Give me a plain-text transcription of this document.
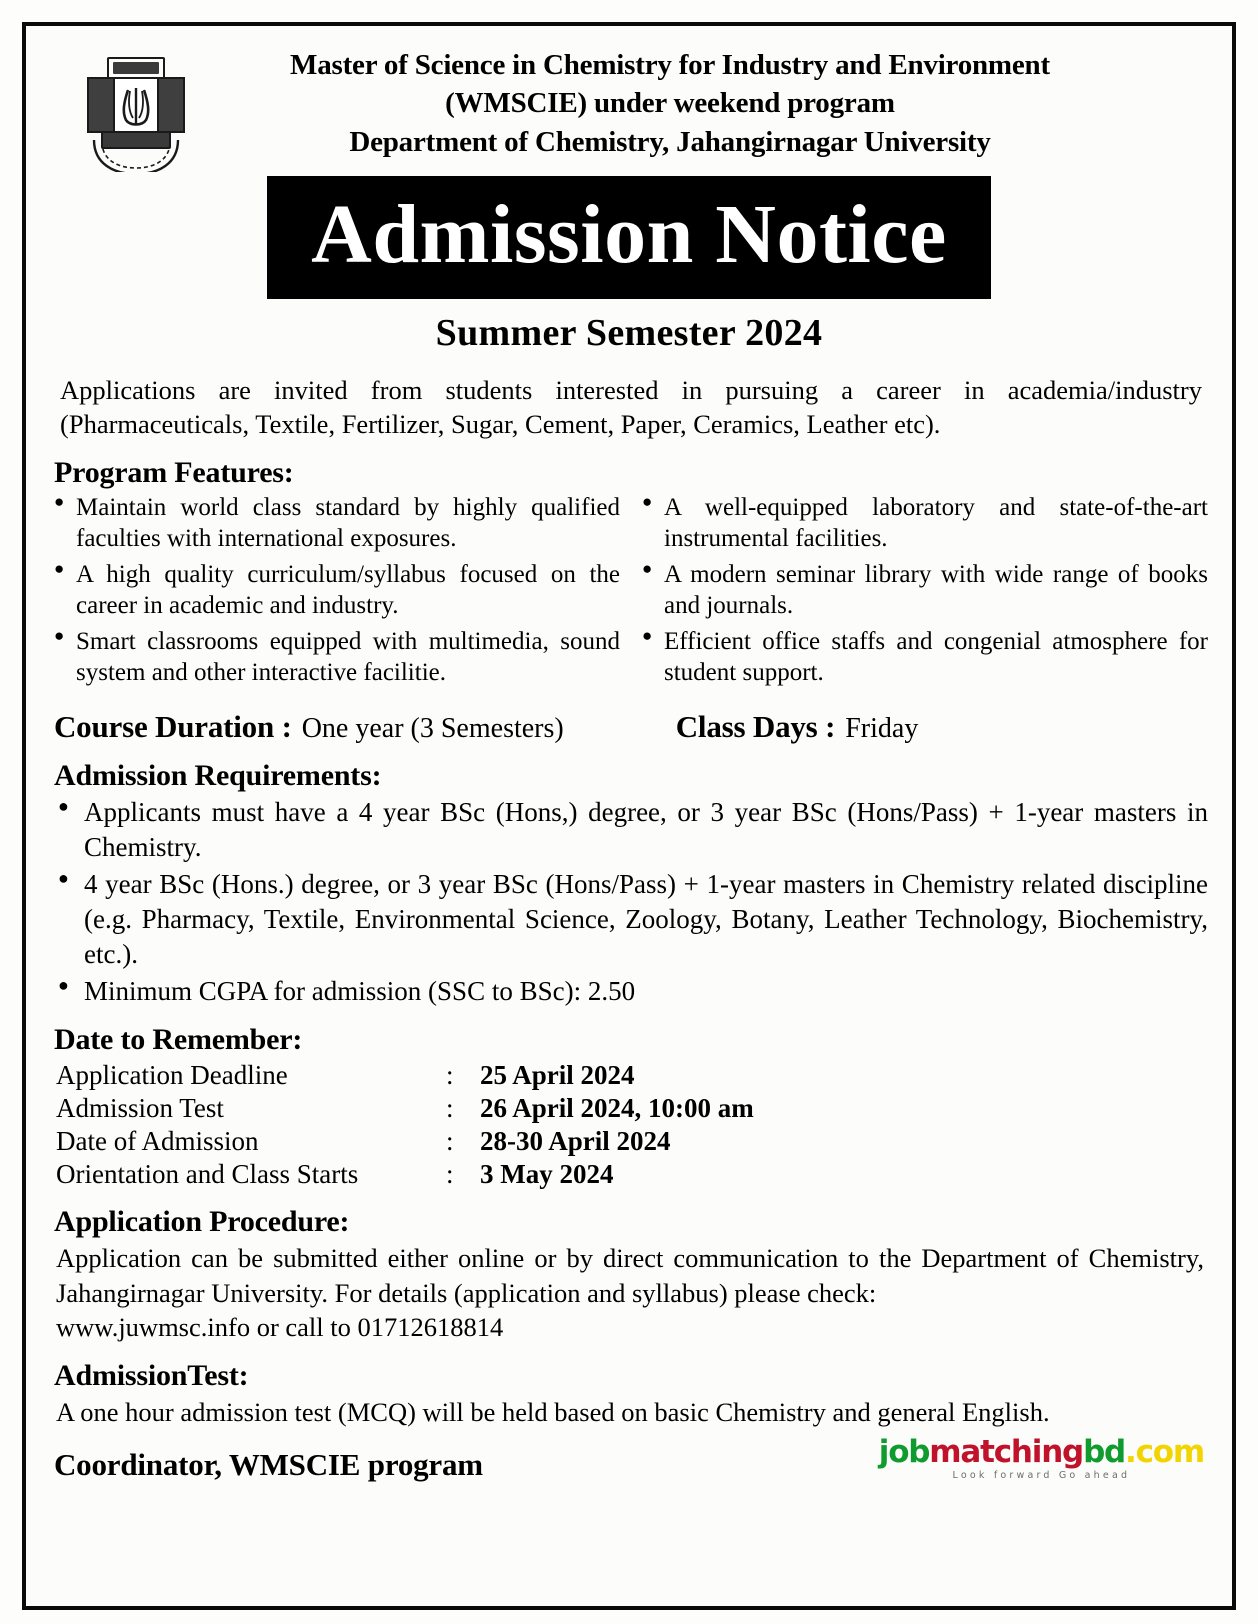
Master of Science in Chemistry for Industry and Environment
(WMSCIE) under weekend program
Department of Chemistry, Jahangirnagar University
Admission Notice
Summer Semester 2024
Applications are invited from students interested in pursuing a career in academia/industry (Pharmaceuticals, Textile, Fertilizer, Sugar, Cement, Paper, Ceramics, Leather etc).
Program Features:
● Maintain world class standard by highly qualified faculties with international exposures.
● A high quality curriculum/syllabus focused on the career in academic and industry.
● Smart classrooms equipped with multimedia, sound system and other interactive facilitie.
● A well-equipped laboratory and state-of-the-art instrumental facilities.
● A modern seminar library with wide range of books and journals.
● Efficient office staffs and congenial atmosphere for student support.
Course Duration : One year (3 Semesters)	Class Days : Friday
Admission Requirements:
● Applicants must have a 4 year BSc (Hons,) degree, or 3 year BSc (Hons/Pass) + 1-year masters in Chemistry.
● 4 year BSc (Hons.) degree, or 3 year BSc (Hons/Pass) + 1-year masters in Chemistry related discipline (e.g. Pharmacy, Textile, Environmental Science, Zoology, Botany, Leather Technology, Biochemistry, etc.).
● Minimum CGPA for admission (SSC to BSc): 2.50
Date to Remember:
Application Deadline	: 25 April 2024
Admission Test	: 26 April 2024, 10:00 am
Date of Admission	: 28-30 April 2024
Orientation and Class Starts	: 3 May 2024
Application Procedure:
Application can be submitted either online or by direct communication to the Department of Chemistry, Jahangirnagar University. For details (application and syllabus) please check:
www.juwmsc.info or call to 01712618814
AdmissionTest:
A one hour admission test (MCQ) will be held based on basic Chemistry and general English.
Coordinator, WMSCIE program	jobmatchingbd.com
Look forward Go ahead
